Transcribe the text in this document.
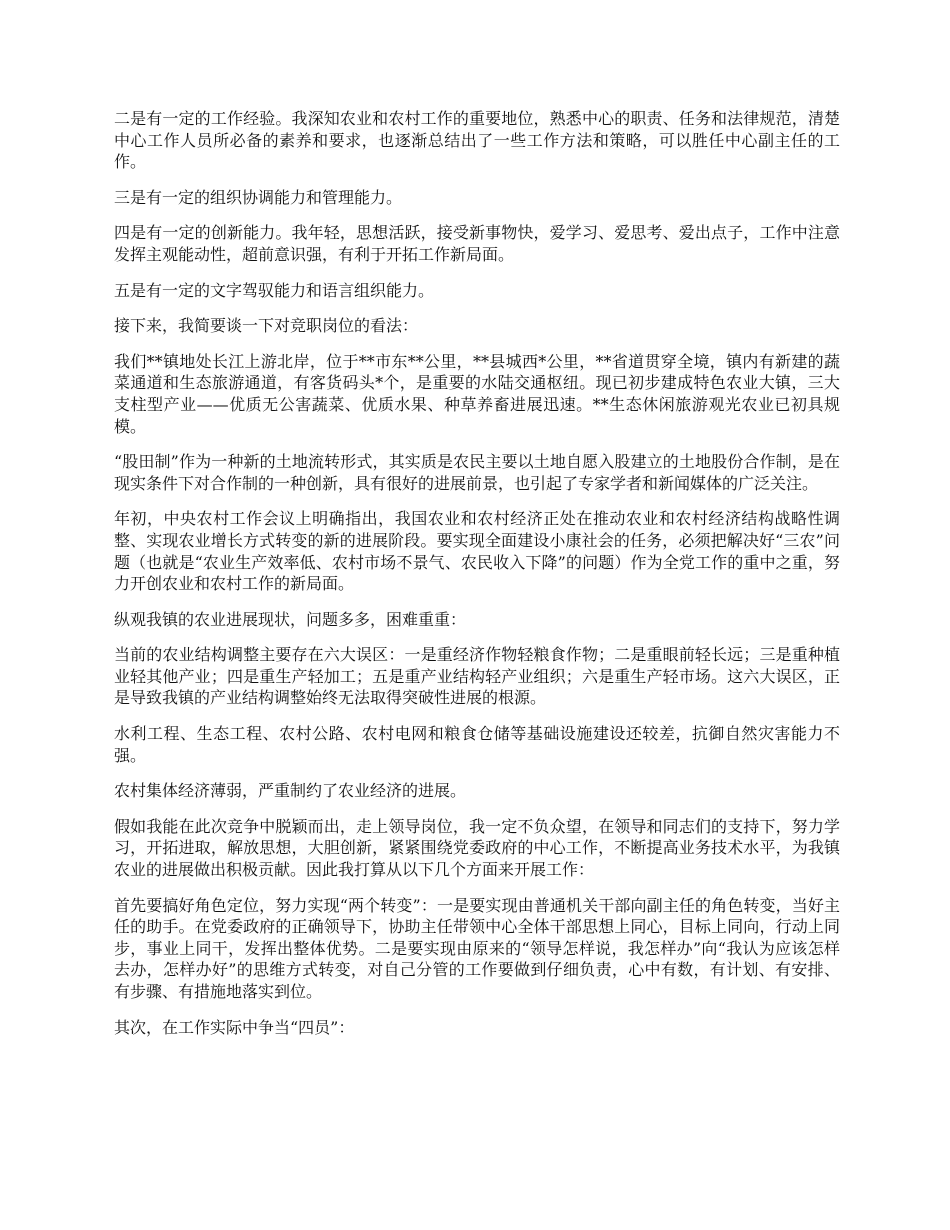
二是有一定的工作经验。我深知农业和农村工作的重要地位，熟悉中心的职责、任务和法律规范，清楚中心工作人员所必备的素养和要求，也逐渐总结出了一些工作方法和策略，可以胜任中心副主任的工作。

三是有一定的组织协调能力和管理能力。

四是有一定的创新能力。我年轻，思想活跃，接受新事物快，爱学习、爱思考、爱出点子，工作中注意发挥主观能动性，超前意识强，有利于开拓工作新局面。

五是有一定的文字驾驭能力和语言组织能力。

接下来，我简要谈一下对竞职岗位的看法：

我们**镇地处长江上游北岸，位于**市东**公里，**县城西*公里，**省道贯穿全境，镇内有新建的蔬菜通道和生态旅游通道，有客货码头*个，是重要的水陆交通枢纽。现已初步建成特色农业大镇，三大支柱型产业——优质无公害蔬菜、优质水果、种草养畜进展迅速。**生态休闲旅游观光农业已初具规模。

“股田制”作为一种新的土地流转形式，其实质是农民主要以土地自愿入股建立的土地股份合作制，是在现实条件下对合作制的一种创新，具有很好的进展前景，也引起了专家学者和新闻媒体的广泛关注。

年初，中央农村工作会议上明确指出，我国农业和农村经济正处在推动农业和农村经济结构战略性调整、实现农业增长方式转变的新的进展阶段。要实现全面建设小康社会的任务，必须把解决好“三农”问题（也就是“农业生产效率低、农村市场不景气、农民收入下降”的问题）作为全党工作的重中之重，努力开创农业和农村工作的新局面。

纵观我镇的农业进展现状，问题多多，困难重重：

当前的农业结构调整主要存在六大误区：一是重经济作物轻粮食作物；二是重眼前轻长远；三是重种植业轻其他产业；四是重生产轻加工；五是重产业结构轻产业组织；六是重生产轻市场。这六大误区，正是导致我镇的产业结构调整始终无法取得突破性进展的根源。

水利工程、生态工程、农村公路、农村电网和粮食仓储等基础设施建设还较差，抗御自然灾害能力不强。

农村集体经济薄弱，严重制约了农业经济的进展。

假如我能在此次竞争中脱颖而出，走上领导岗位，我一定不负众望，在领导和同志们的支持下，努力学习，开拓进取，解放思想，大胆创新，紧紧围绕党委政府的中心工作，不断提高业务技术水平，为我镇农业的进展做出积极贡献。因此我打算从以下几个方面来开展工作：

首先要搞好角色定位，努力实现“两个转变”：一是要实现由普通机关干部向副主任的角色转变，当好主任的助手。在党委政府的正确领导下，协助主任带领中心全体干部思想上同心，目标上同向，行动上同步，事业上同干，发挥出整体优势。二是要实现由原来的“领导怎样说，我怎样办”向“我认为应该怎样去办，怎样办好”的思维方式转变，对自己分管的工作要做到仔细负责，心中有数，有计划、有安排、有步骤、有措施地落实到位。

其次，在工作实际中争当“四员”：
